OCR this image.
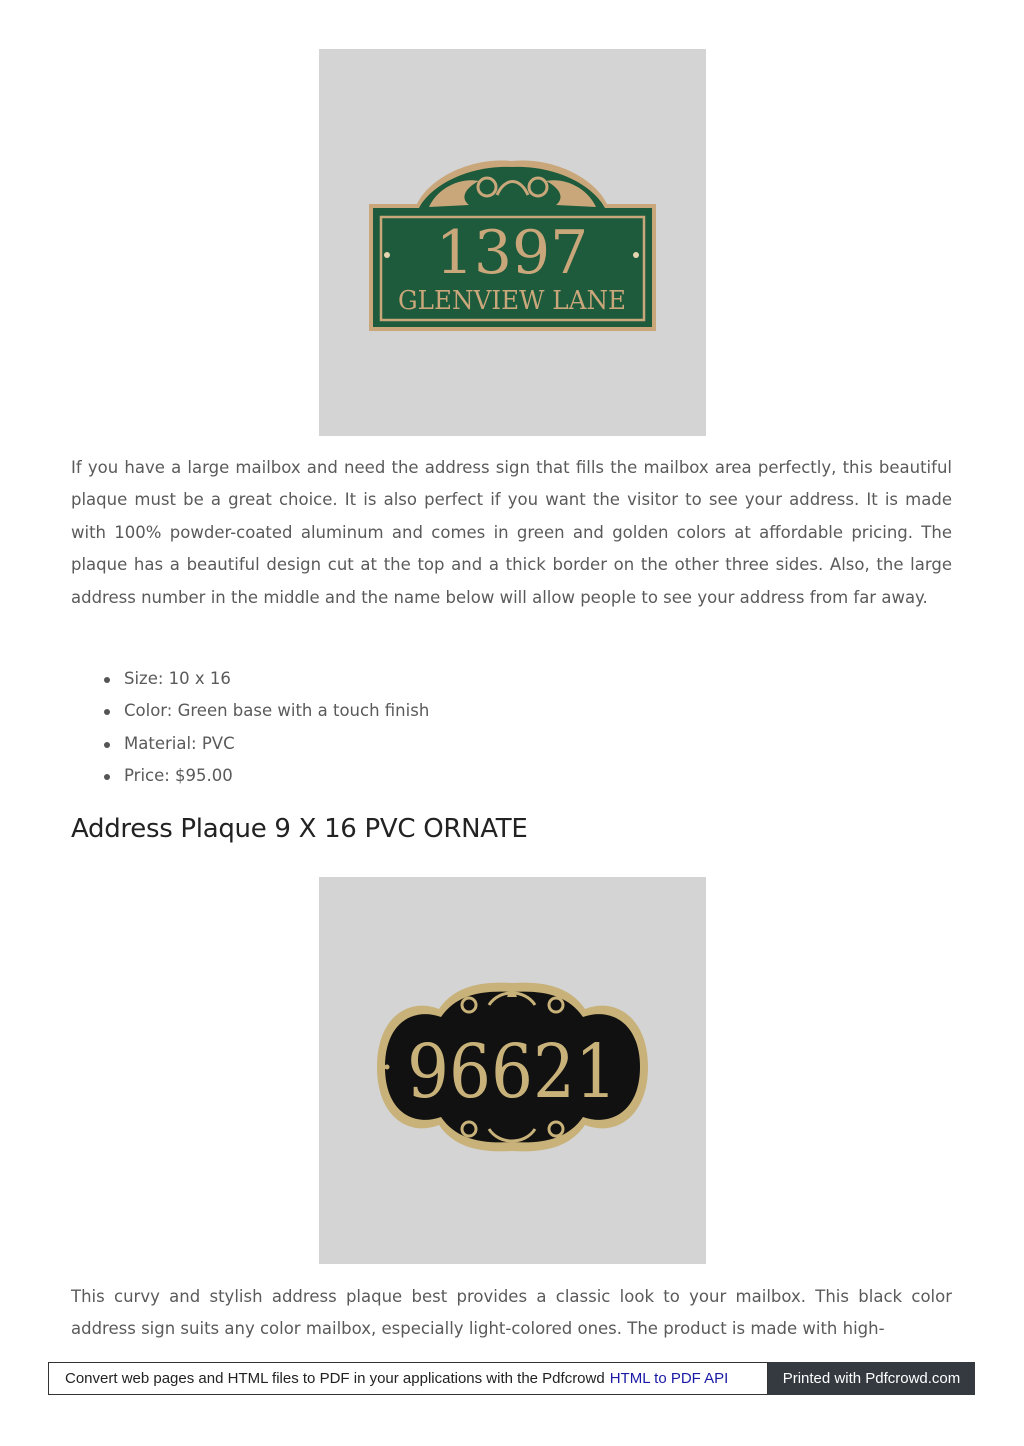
1397
GLENVIEW LANE

If you have a large mailbox and need the address sign that fills the mailbox area perfectly, this beautiful plaque must be a great choice. It is also perfect if you want the visitor to see your address. It is made with 100% powder-coated aluminum and comes in green and golden colors at affordable pricing. The plaque has a beautiful design cut at the top and a thick border on the other three sides. Also, the large address number in the middle and the name below will allow people to see your address from far away.

Size: 10 x 16
Color: Green base with a touch finish
Material: PVC
Price: $95.00
Address Plaque 9 X 16 PVC ORNATE
96621

This curvy and stylish address plaque best provides a classic look to your mailbox. This black color address sign suits any color mailbox, especially light-colored ones. The product is made with high-

Convert web pages and HTML files to PDF in your applications with the Pdfcrowd HTML to PDF API	Printed with Pdfcrowd.com
